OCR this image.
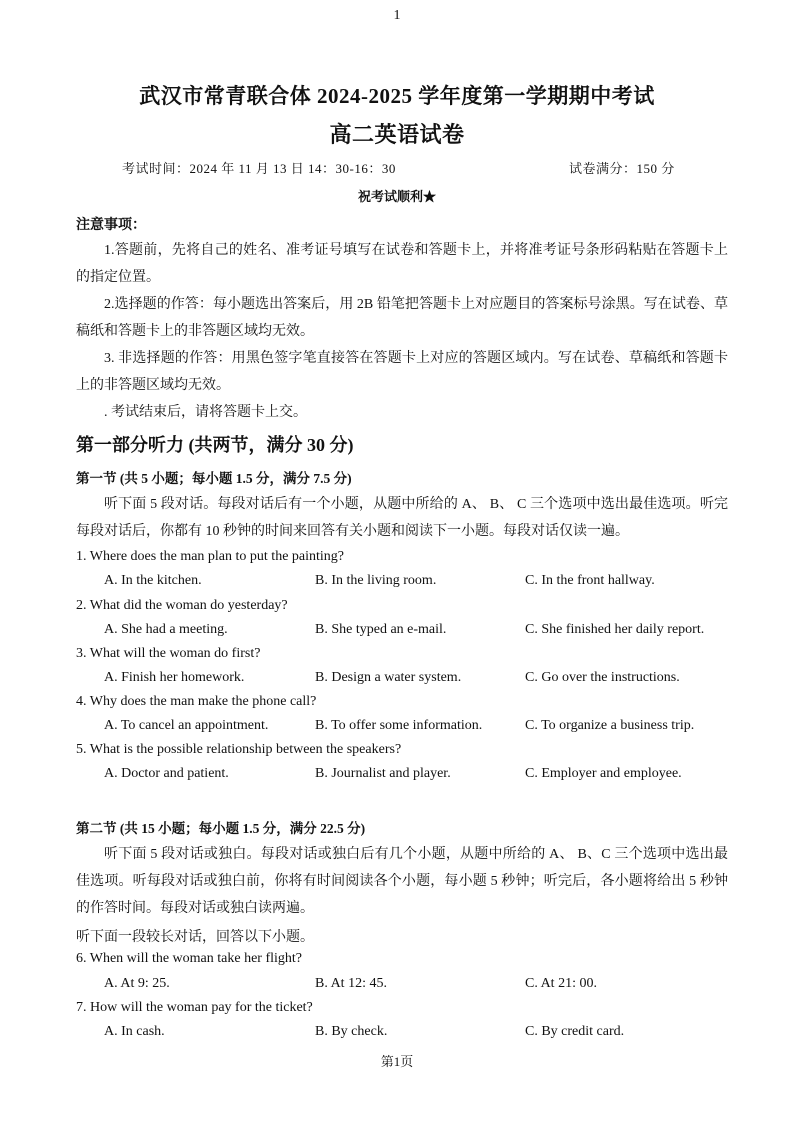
1
武汉市常青联合体 2024-2025 学年度第一学期期中考试
高二英语试卷
考试时间：2024 年 11 月 13 日 14：30-16：30	试卷满分：150 分
祝考试顺利★
注意事项：
1.答题前，先将自己的姓名、准考证号填写在试卷和答题卡上，并将准考证号条形码粘贴在答题卡上的指定位置。
2.选择题的作答：每小题选出答案后，用 2B 铅笔把答题卡上对应题目的答案标号涂黑。写在试卷、草稿纸和答题卡上的非答题区域均无效。
3. 非选择题的作答：用黑色签字笔直接答在答题卡上对应的答题区域内。写在试卷、草稿纸和答题卡上的非答题区域均无效。
. 考试结束后，请将答题卡上交。
第一部分听力 (共两节，满分 30 分)
第一节 (共 5 小题；每小题 1.5 分，满分 7.5 分)
听下面 5 段对话。每段对话后有一个小题，从题中所给的 A、 B、 C 三个选项中选出最佳选项。听完每段对话后，你都有 10 秒钟的时间来回答有关小题和阅读下一小题。每段对话仅读一遍。
1. Where does the man plan to put the painting?
A. In the kitchen.	B. In the living room.	C. In the front hallway.
2. What did the woman do yesterday?
A. She had a meeting.	B. She typed an e-mail.	C. She finished her daily report.
3. What will the woman do first?
A. Finish her homework.	B. Design a water system.	C. Go over the instructions.
4. Why does the man make the phone call?
A. To cancel an appointment.	B. To offer some information.	C. To organize a business trip.
5. What is the possible relationship between the speakers?
A. Doctor and patient.	B. Journalist and player.	C. Employer and employee.
第二节 (共 15 小题；每小题 1.5 分，满分 22.5 分)
听下面 5 段对话或独白。每段对话或独白后有几个小题，从题中所给的 A、 B、C 三个选项中选出最佳选项。听每段对话或独白前，你将有时间阅读各个小题，每小题 5 秒钟；听完后，各小题将给出 5 秒钟的作答时间。每段对话或独白读两遍。
听下面一段较长对话，回答以下小题。
6. When will the woman take her flight?
A. At 9: 25.	B. At 12: 45.	C. At 21: 00.
7. How will the woman pay for the ticket?
A. In cash.	B. By check.	C. By credit card.
第1页
